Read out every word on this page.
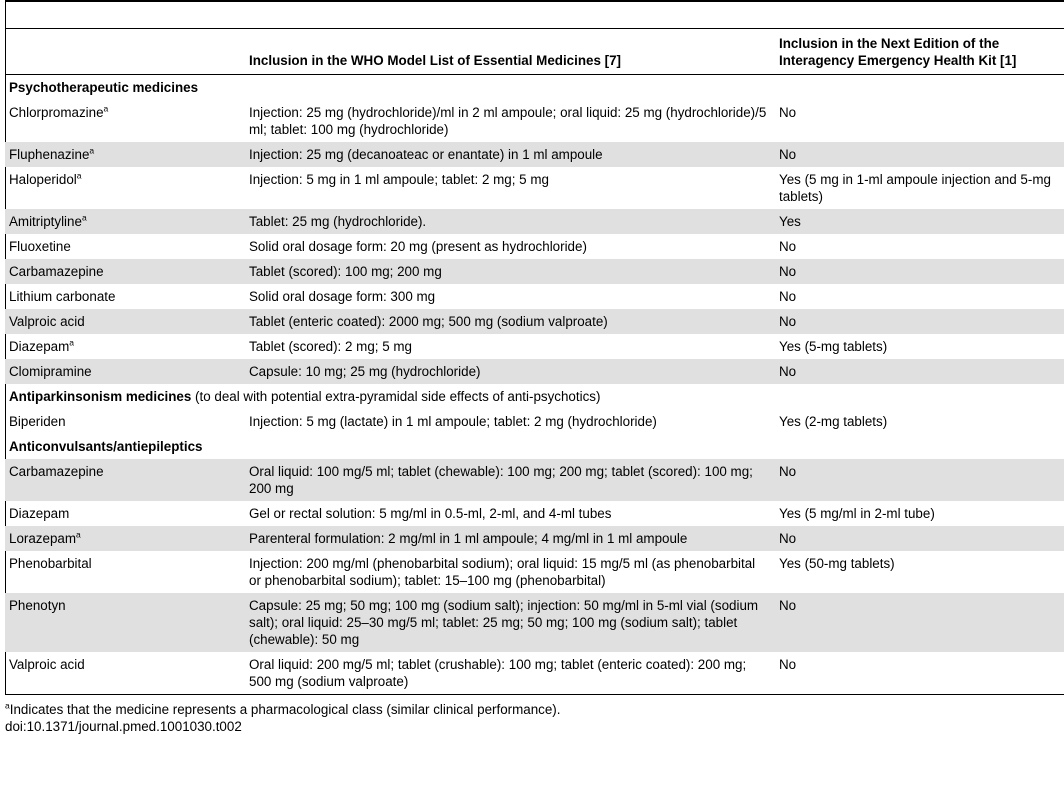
	Inclusion in the WHO Model List of Essential Medicines [7]	Inclusion in the Next Edition of the Interagency Emergency Health Kit [1]
Psychotherapeutic medicines		
Chlorpromazine$^a$	Injection: 25 mg (hydrochloride)/ml in 2 ml ampoule; oral liquid: 25 mg (hydrochloride)/5 ml; tablet: 100 mg (hydrochloride)	No
Fluphenazine$^a$	Injection: 25 mg (decanoateac or enantate) in 1 ml ampoule	No
Haloperidol$^a$	Injection: 5 mg in 1 ml ampoule; tablet: 2 mg; 5 mg	Yes (5 mg in 1-ml ampoule injection and 5-mg tablets)
Amitriptyline$^a$	Tablet: 25 mg (hydrochloride).	Yes
Fluoxetine	Solid oral dosage form: 20 mg (present as hydrochloride)	No
Carbamazepine	Tablet (scored): 100 mg; 200 mg	No
Lithium carbonate	Solid oral dosage form: 300 mg	No
Valproic acid	Tablet (enteric coated): 2000 mg; 500 mg (sodium valproate)	No
Diazepam$^a$	Tablet (scored): 2 mg; 5 mg	Yes (5-mg tablets)
Clomipramine	Capsule: 10 mg; 25 mg (hydrochloride)	No
Antiparkinsonism medicines (to deal with potential extra-pyramidal side effects of anti-psychotics)		
Biperiden	Injection: 5 mg (lactate) in 1 ml ampoule; tablet: 2 mg (hydrochloride)	Yes (2-mg tablets)
Anticonvulsants/antiepileptics		
Carbamazepine	Oral liquid: 100 mg/5 ml; tablet (chewable): 100 mg; 200 mg; tablet (scored): 100 mg; 200 mg	No
Diazepam	Gel or rectal solution: 5 mg/ml in 0.5-ml, 2-ml, and 4-ml tubes	Yes (5 mg/ml in 2-ml tube)
Lorazepam$^a$	Parenteral formulation: 2 mg/ml in 1 ml ampoule; 4 mg/ml in 1 ml ampoule	No
Phenobarbital	Injection: 200 mg/ml (phenobarbital sodium); oral liquid: 15 mg/5 ml (as phenobarbital or phenobarbital sodium); tablet: 15–100 mg (phenobarbital)	Yes (50-mg tablets)
Phenotyn	Capsule: 25 mg; 50 mg; 100 mg (sodium salt); injection: 50 mg/ml in 5-ml vial (sodium salt); oral liquid: 25–30 mg/5 ml; tablet: 25 mg; 50 mg; 100 mg (sodium salt); tablet (chewable): 50 mg	No
Valproic acid	Oral liquid: 200 mg/5 ml; tablet (crushable): 100 mg; tablet (enteric coated): 200 mg; 500 mg (sodium valproate)	No
$^a$Indicates that the medicine represents a pharmacological class (similar clinical performance).
doi:10.1371/journal.pmed.1001030.t002
